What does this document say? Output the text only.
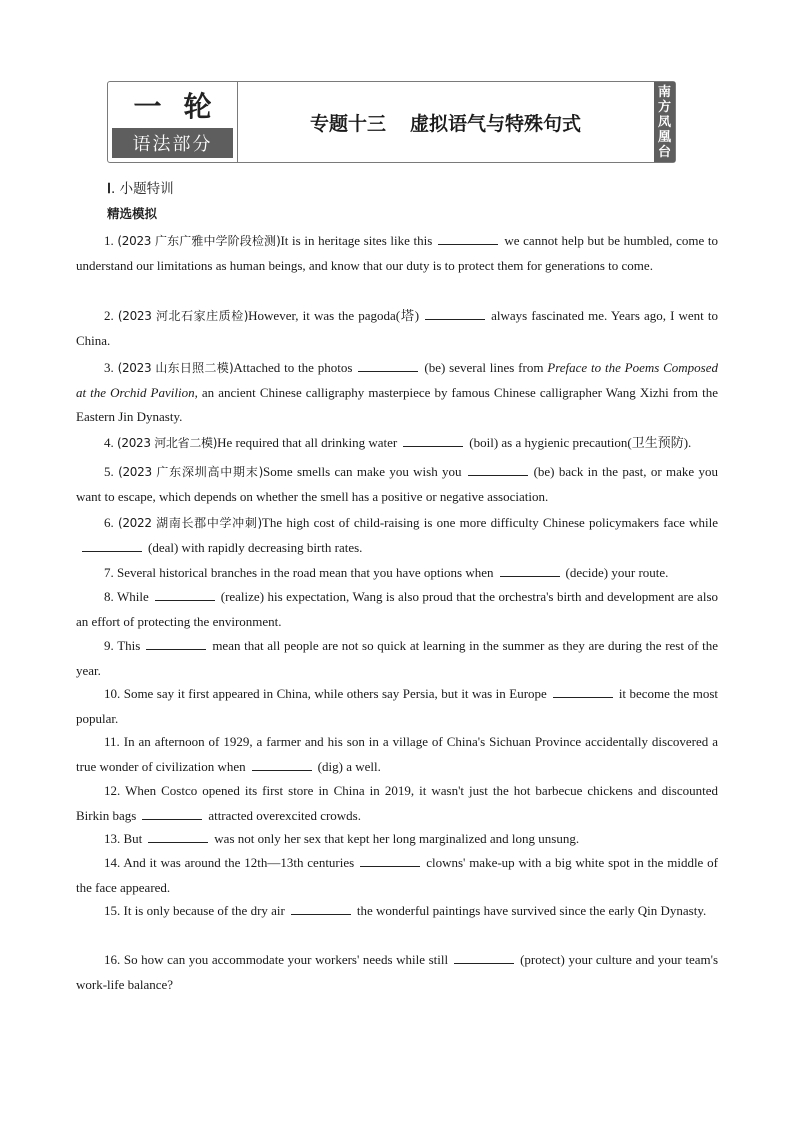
一轮
语法部分
专题十三 虚拟语气与特殊句式
南
方
凤
凰
台
Ⅰ. 小题特训
精选模拟
1. (2023 广东广雅中学阶段检测)It is in heritage sites like this	we cannot help but be humbled, come to understand our limitations as human beings, and know that our duty is to protect them for generations to come.
2. (2023 河北石家庄质检)However, it was the pagoda(塔)	always fascinated me. Years ago, I went to China.
3. (2023 山东日照二模)Attached to the photos	(be) several lines from Preface to the Poems Composed at the Orchid Pavilion, an ancient Chinese calligraphy masterpiece by famous Chinese calligrapher Wang Xizhi from the Eastern Jin Dynasty.
4. (2023 河北省二模)He required that all drinking water	(boil) as a hygienic precaution(卫生预防).
5. (2023 广东深圳高中期末)Some smells can make you wish you	(be) back in the past, or make you want to escape, which depends on whether the smell has a positive or negative association.
6. (2022 湖南长郡中学冲刺)The high cost of child-raising is one more difficulty Chinese policymakers face while(deal) with rapidly decreasing birth rates.
7. Several historical branches in the road mean that you have options when	(decide) your route.
8. While	(realize) his expectation, Wang is also proud that the orchestra's birth and development are also an effort of protecting the environment.
9. This	mean that all people are not so quick at learning in the summer as they are during the rest of the year.
10. Some say it first appeared in China, while others say Persia, but it was in Europe	it become the most popular.
11. In an afternoon of 1929, a farmer and his son in a village of China's Sichuan Province accidentally discovered a true wonder of civilization when	(dig) a well.
12. When Costco opened its first store in China in 2019, it wasn't just the hot barbecue chickens and discounted Birkin bags	attracted overexcited crowds.
13. But	was not only her sex that kept her long marginalized and long unsung.
14. And it was around the 12th—13th centuries	clowns' make-up with a big white spot in the middle of the face appeared.
15. It is only because of the dry air	the wonderful paintings have survived since the early Qin Dynasty.
16. So how can you accommodate your workers' needs while still	(protect) your culture and your team's work-life balance?
